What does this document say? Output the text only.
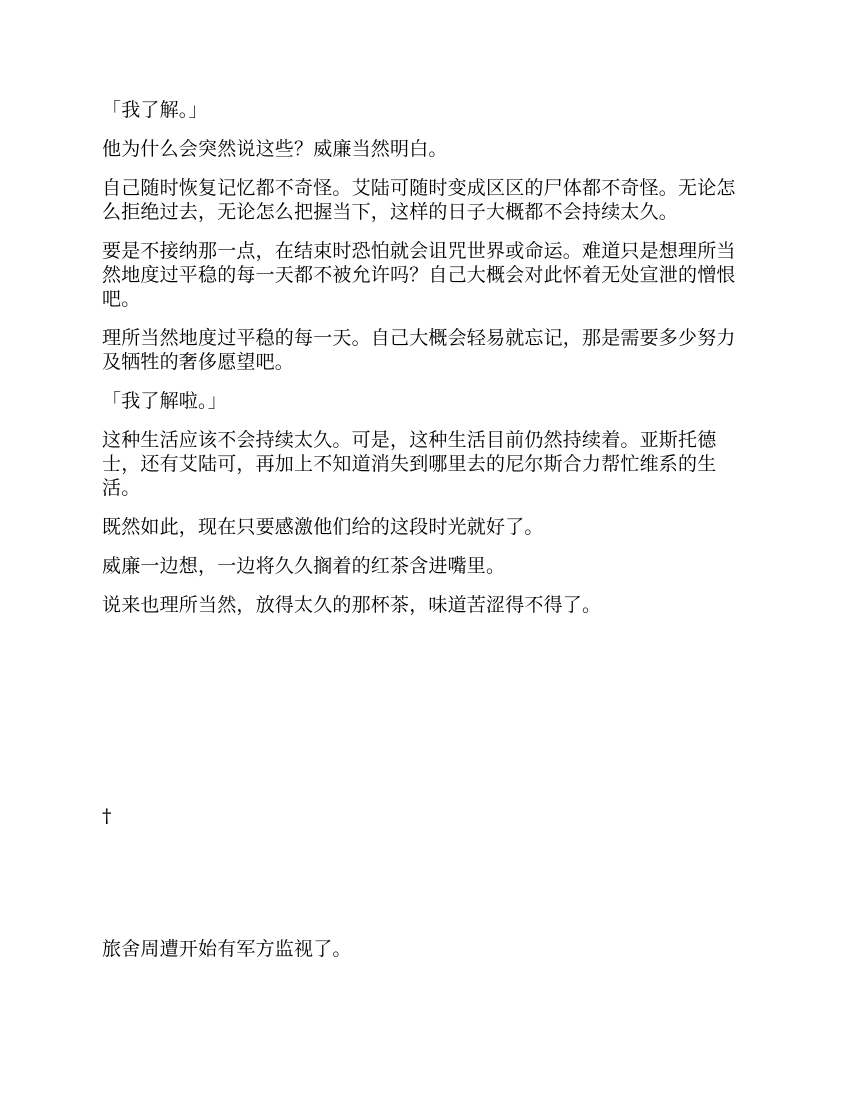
「我了解。」

他为什么会突然说这些？威廉当然明白。

自己随时恢复记忆都不奇怪。艾陆可随时变成区区的尸体都不奇怪。无论怎么拒绝过去，无论怎么把握当下，这样的日子大概都不会持续太久。

要是不接纳那一点，在结束时恐怕就会诅咒世界或命运。难道只是想理所当然地度过平稳的每一天都不被允许吗？自己大概会对此怀着无处宣泄的憎恨吧。

理所当然地度过平稳的每一天。自己大概会轻易就忘记，那是需要多少努力及牺牲的奢侈愿望吧。

「我了解啦。」

这种生活应该不会持续太久。可是，这种生活目前仍然持续着。亚斯托德士，还有艾陆可，再加上不知道消失到哪里去的尼尔斯合力帮忙维系的生活。

既然如此，现在只要感激他们给的这段时光就好了。

威廉一边想，一边将久久搁着的红茶含进嘴里。

说来也理所当然，放得太久的那杯茶，味道苦涩得不得了。

†
旅舍周遭开始有军方监视了。
